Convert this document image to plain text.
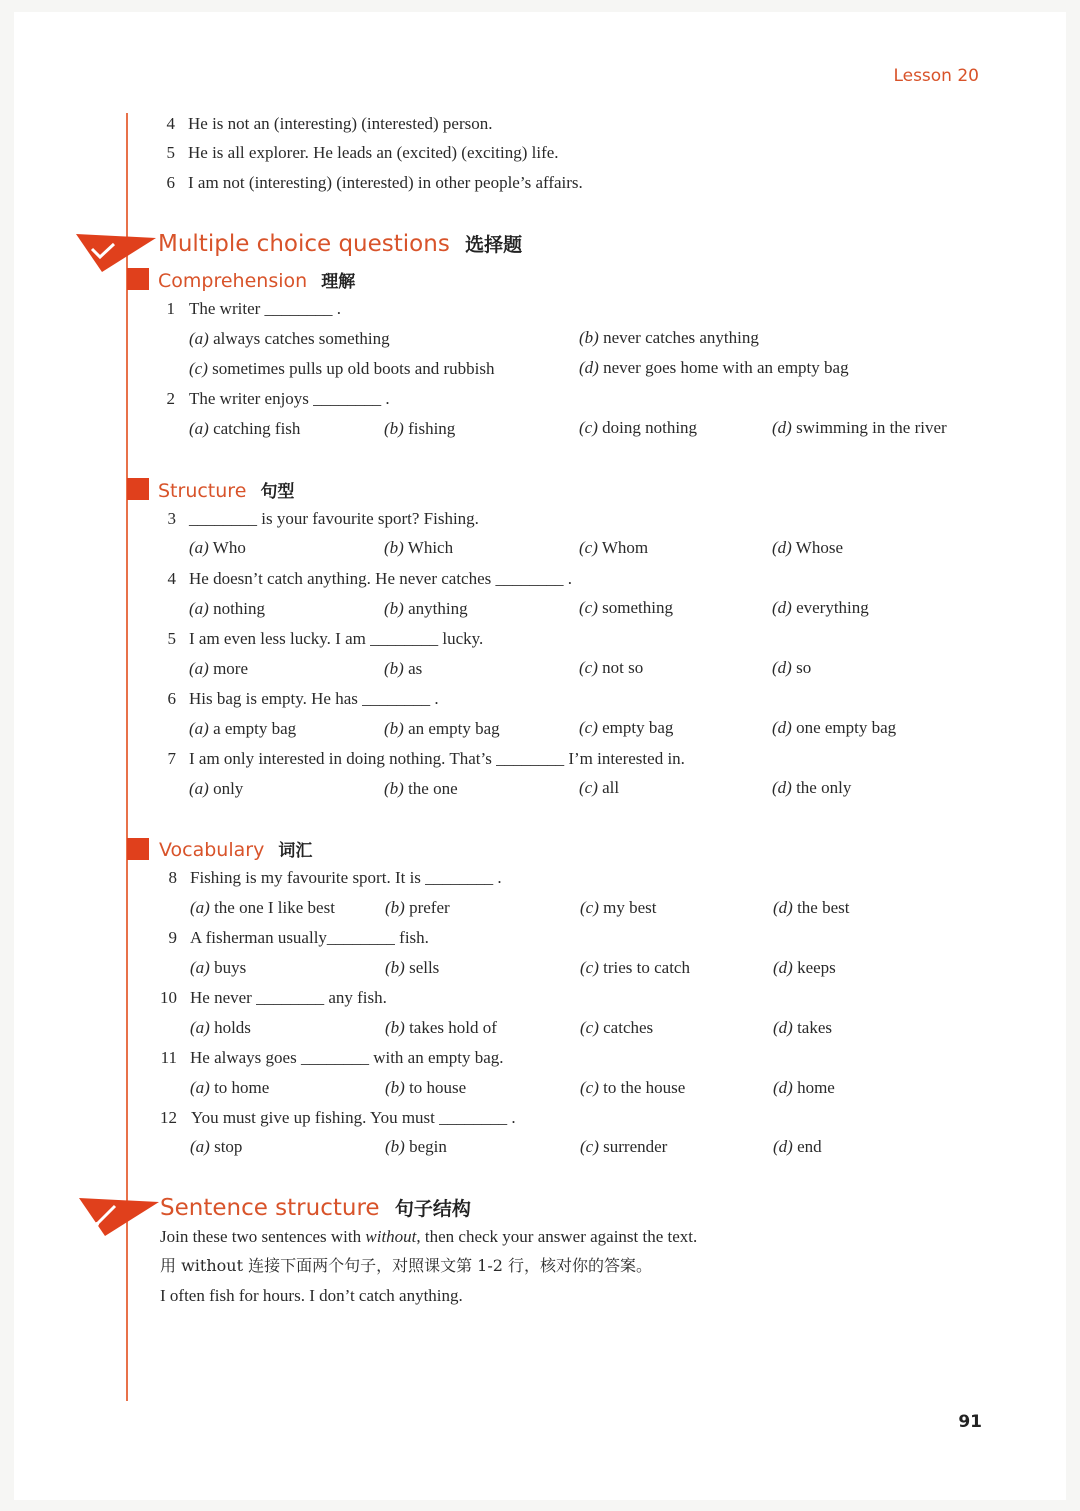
Lesson 20
4 He is not an (interesting) (interested) person.
5 He is all explorer. He leads an (excited) (exciting) life.
6 I am not (interesting) (interested) in other people’s affairs.
Multiple choice questions 选择题
Comprehension 理解
1 The writer ________ .
(a) always catches something	(b) never catches anything
(c) sometimes pulls up old boots and rubbish	(d) never goes home with an empty bag
2 The writer enjoys ________ .
(a) catching fish	(b) fishing	(c) doing nothing	(d) swimming in the river
Structure 句型
3 ________ is your favourite sport? Fishing.
(a) Who	(b) Which	(c) Whom	(d) Whose
4 He doesn’t catch anything. He never catches ________ .
(a) nothing	(b) anything	(c) something	(d) everything
5 I am even less lucky. I am ________ lucky.
(a) more	(b) as	(c) not so	(d) so
6 His bag is empty. He has ________ .
(a) a empty bag	(b) an empty bag	(c) empty bag	(d) one empty bag
7 I am only interested in doing nothing. That’s ________ I’m interested in.
(a) only	(b) the one	(c) all	(d) the only
Vocabulary 词汇
8 Fishing is my favourite sport. It is ________ .
(a) the one I like best	(b) prefer	(c) my best	(d) the best
9 A fisherman usually________ fish.
(a) buys	(b) sells	(c) tries to catch	(d) keeps
10 He never ________ any fish.
(a) holds	(b) takes hold of	(c) catches	(d) takes
11 He always goes ________ with an empty bag.
(a) to home	(b) to house	(c) to the house	(d) home
12 You must give up fishing. You must ________ .
(a) stop	(b) begin	(c) surrender	(d) end
Sentence structure 句子结构
Join these two sentences with without, then check your answer against the text.
用 without 连接下面两个句子，对照课文第 1-2 行，核对你的答案。
I often fish for hours. I don’t catch anything.
91
